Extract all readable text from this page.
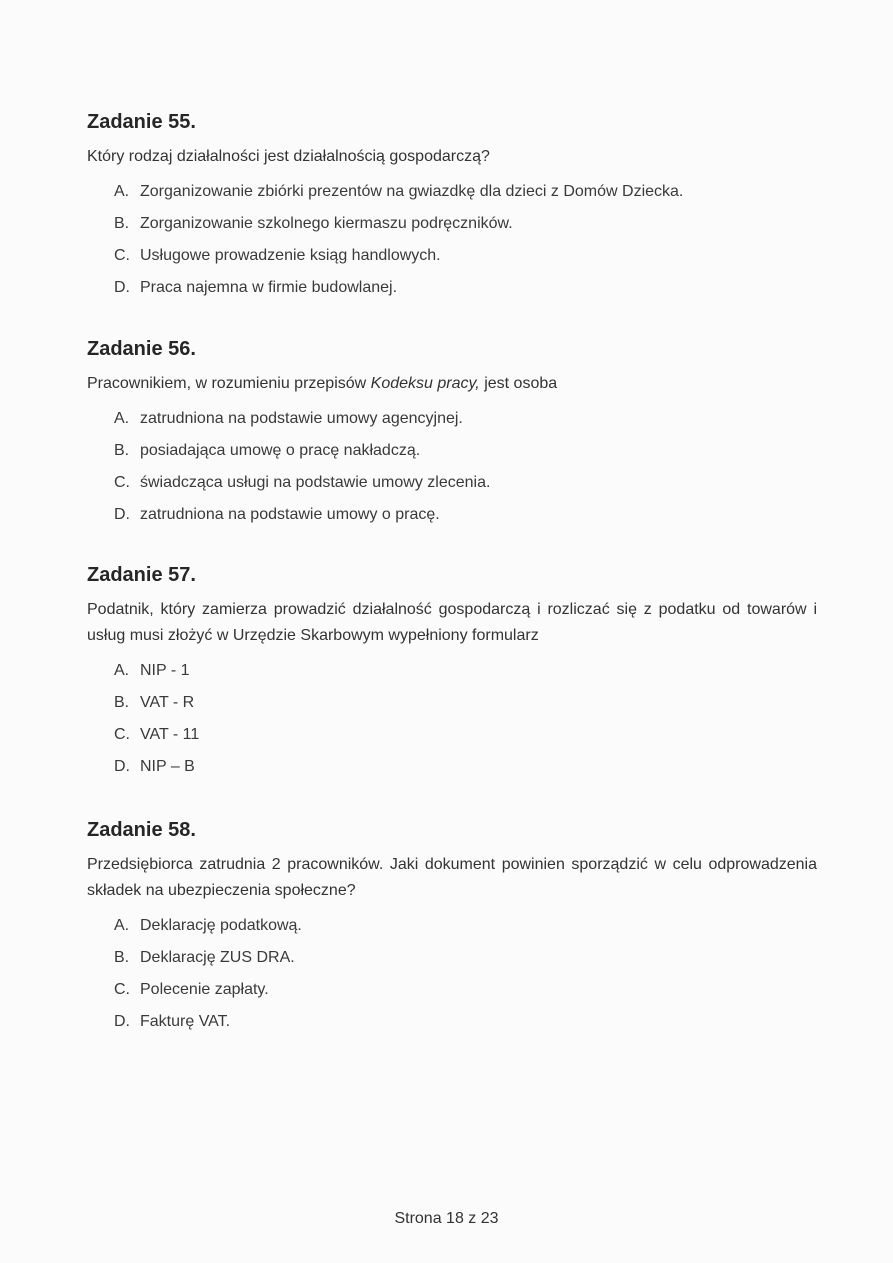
Zadanie 55.
Który rodzaj działalności jest działalnością gospodarczą?
A. Zorganizowanie zbiórki prezentów na gwiazdkę dla dzieci z Domów Dziecka.
B. Zorganizowanie szkolnego kiermaszu podręczników.
C. Usługowe prowadzenie ksiąg handlowych.
D. Praca najemna w firmie budowlanej.
Zadanie 56.
Pracownikiem, w rozumieniu przepisów Kodeksu pracy, jest osoba
A. zatrudniona na podstawie umowy agencyjnej.
B. posiadająca umowę o pracę nakładczą.
C. świadcząca usługi na podstawie umowy zlecenia.
D. zatrudniona na podstawie umowy o pracę.
Zadanie 57.
Podatnik, który zamierza prowadzić działalność gospodarczą i rozliczać się z podatku od towarów i usług musi złożyć w Urzędzie Skarbowym wypełniony formularz
A. NIP - 1
B. VAT - R
C. VAT - 11
D. NIP – B
Zadanie 58.
Przedsiębiorca zatrudnia 2 pracowników. Jaki dokument powinien sporządzić w celu odprowadzenia składek na ubezpieczenia społeczne?
A. Deklarację podatkową.
B. Deklarację ZUS DRA.
C. Polecenie zapłaty.
D. Fakturę VAT.
Strona 18 z 23
